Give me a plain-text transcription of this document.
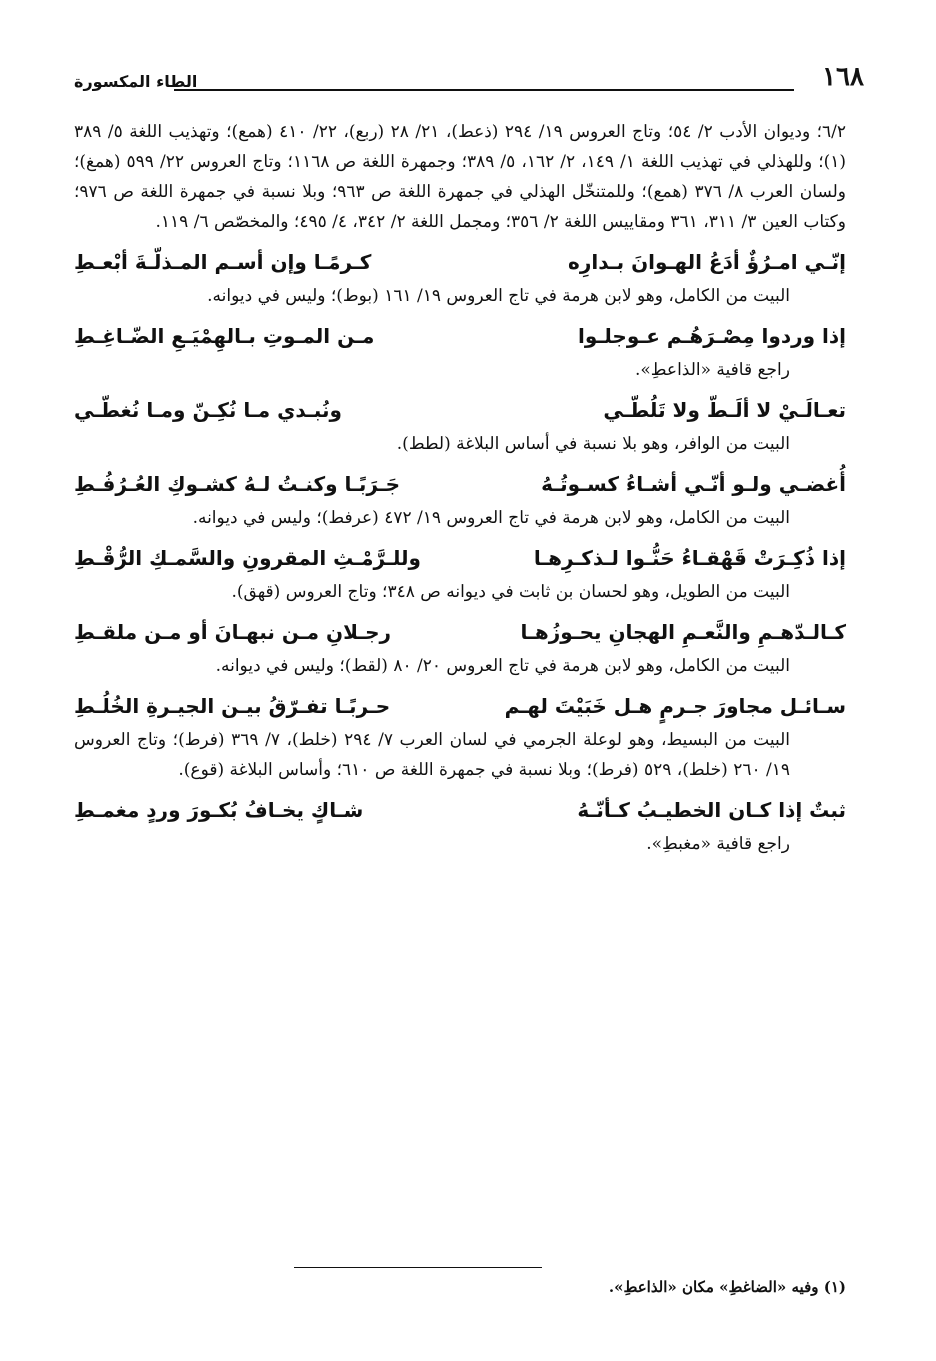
١٦٨
الطاء المكسورة

٦/٢؛ وديوان الأدب ٢/ ٥٤؛ وتاج العروس ١٩/ ٢٩٤ (ذعط)، ٢١/ ٢٨ (ربع)، ٢٢/ ٤١٠ (همع)؛ وتهذيب اللغة ٥/ ٣٨٩ (١)؛ وللهذلي في تهذيب اللغة ١/ ١٤٩، ٢/ ١٦٢، ٥/ ٣٨٩؛ وجمهرة اللغة ص ١١٦٨؛ وتاج العروس ٢٢/ ٥٩٩ (همغ)؛ ولسان العرب ٨/ ٣٧٦ (همع)؛ وللمتنخّل الهذلي في جمهرة اللغة ص ٩٦٣؛ وبلا نسبة في جمهرة اللغة ص ٩٧٦؛ وكتاب العين ٣/ ٣١١، ٣٦١ ومقاييس اللغة ٢/ ٣٥٦؛ ومجمل اللغة ٢/ ٣٤٢، ٤/ ٤٩٥؛ والمخصّص ٦/ ١١٩.

إنّـي امـرُؤٌ أدَعُ الهـوانَ بـدارِه
كـرمًـا وإن أسـم المـذلّـةَ أبْعـطِ

البيت من الكامل، وهو لابن هرمة في تاج العروس ١٩/ ١٦١ (بوط)؛ وليس في ديوانه.

إذا وردوا مِصْـرَهُـم عـوجلـوا
مـن المـوتِ بـالهِمْيَـعِ الضّـاغِـطِ

راجع قافية «الذاعطِ».

تعـالَـيْ لا ألَـطّ ولا تَلُطّـي
ونُبـدي مـا نُكِـنّ ومـا نُغطّـي

البيت من الوافر، وهو بلا نسبة في أساس البلاغة (لطط).

أُغضـي ولـو أنّـي أشـاءُ كسـوتُـهُ
جَـرَبًـا وكنـتُ لـهُ كشـوكِ العُـرُفُـطِ

البيت من الكامل، وهو لابن هرمة في تاج العروس ١٩/ ٤٧٢ (عرفط)؛ وليس في ديوانه.

إذا ذُكِـرَتْ قَهْقـاءُ حَنُّـوا لـذكـرِهـا
وللـرَّمْـثِ المقرونِ والسَّمـكِ الرُّقْـطِ

البيت من الطويل، وهو لحسان بن ثابت في ديوانه ص ٣٤٨؛ وتاج العروس (قهق).

كـالـدّهـمِ والنَّعـمِ الهجانِ يحـوزُهـا
رجـلانِ مـن نبهـانَ أو مـن ملقـطِ

البيت من الكامل، وهو لابن هرمة في تاج العروس ٢٠/ ٨٠ (لقط)؛ وليس في ديوانه.

سـائـل مجاورَ جـرمٍ هـل خَبَيْتَ لهـم
حـربًـا تفـرّقُ بيـن الجيـرةِ الخُلُـطِ

البيت من البسيط، وهو لوعلة الجرمي في لسان العرب ٧/ ٢٩٤ (خلط)، ٧/ ٣٦٩ (فرط)؛ وتاج العروس ١٩/ ٢٦٠ (خلط)، ٥٢٩ (فرط)؛ وبلا نسبة في جمهرة اللغة ص ٦١٠؛ وأساس البلاغة (قوع).

ثبتٌ إذا كـان الخطيـبُ كـأنّـهُ
شـاكٍ يخـافُ بُكـورَ وردٍ مغمـطِ

راجع قافية «مغبطِ».

(١) وفيه «الضاغطِ» مكان «الذاعطِ».
